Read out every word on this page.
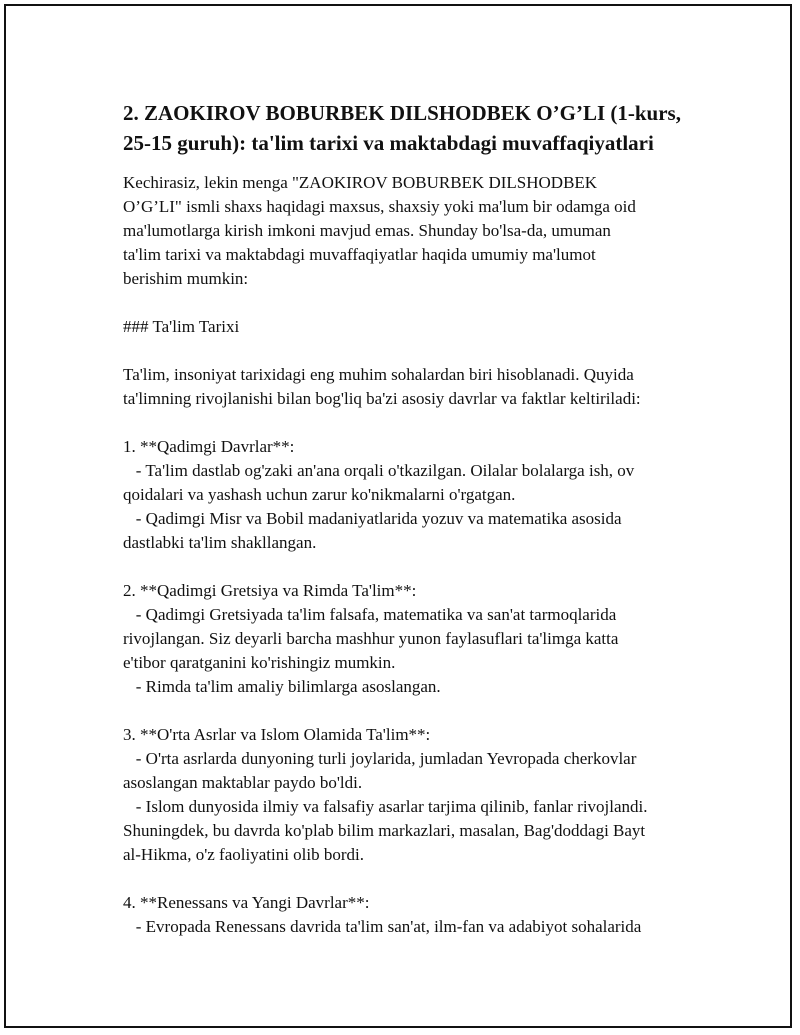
2. ZAOKIROV BOBURBEK DILSHODBEK O’G’LI (1-kurs,
25-15 guruh): ta'lim tarixi va maktabdagi muvaffaqiyatlari
Kechirasiz, lekin menga "ZAOKIROV BOBURBEK DILSHODBEK
O’G’LI" ismli shaxs haqidagi maxsus, shaxsiy yoki ma'lum bir odamga oid
ma'lumotlarga kirish imkoni mavjud emas. Shunday bo'lsa-da, umuman
ta'lim tarixi va maktabdagi muvaffaqiyatlar haqida umumiy ma'lumot
berishim mumkin:

### Ta'lim Tarixi

Ta'lim, insoniyat tarixidagi eng muhim sohalardan biri hisoblanadi. Quyida
ta'limning rivojlanishi bilan bog'liq ba'zi asosiy davrlar va faktlar keltiriladi:

1. **Qadimgi Davrlar**:
- Ta'lim dastlab og'zaki an'ana orqali o'tkazilgan. Oilalar bolalarga ish, ov
qoidalari va yashash uchun zarur ko'nikmalarni o'rgatgan.
- Qadimgi Misr va Bobil madaniyatlarida yozuv va matematika asosida
dastlabki ta'lim shakllangan.

2. **Qadimgi Gretsiya va Rimda Ta'lim**:
- Qadimgi Gretsiyada ta'lim falsafa, matematika va san'at tarmoqlarida
rivojlangan. Siz deyarli barcha mashhur yunon faylasuflari ta'limga katta
e'tibor qaratganini ko'rishingiz mumkin.
- Rimda ta'lim amaliy bilimlarga asoslangan.

3. **O'rta Asrlar va Islom Olamida Ta'lim**:
- O'rta asrlarda dunyoning turli joylarida, jumladan Yevropada cherkovlar
asoslangan maktablar paydo bo'ldi.
- Islom dunyosida ilmiy va falsafiy asarlar tarjima qilinib, fanlar rivojlandi.
Shuningdek, bu davrda ko'plab bilim markazlari, masalan, Bag'doddagi Bayt
al-Hikma, o'z faoliyatini olib bordi.

4. **Renessans va Yangi Davrlar**:
- Evropada Renessans davrida ta'lim san'at, ilm-fan va adabiyot sohalarida
